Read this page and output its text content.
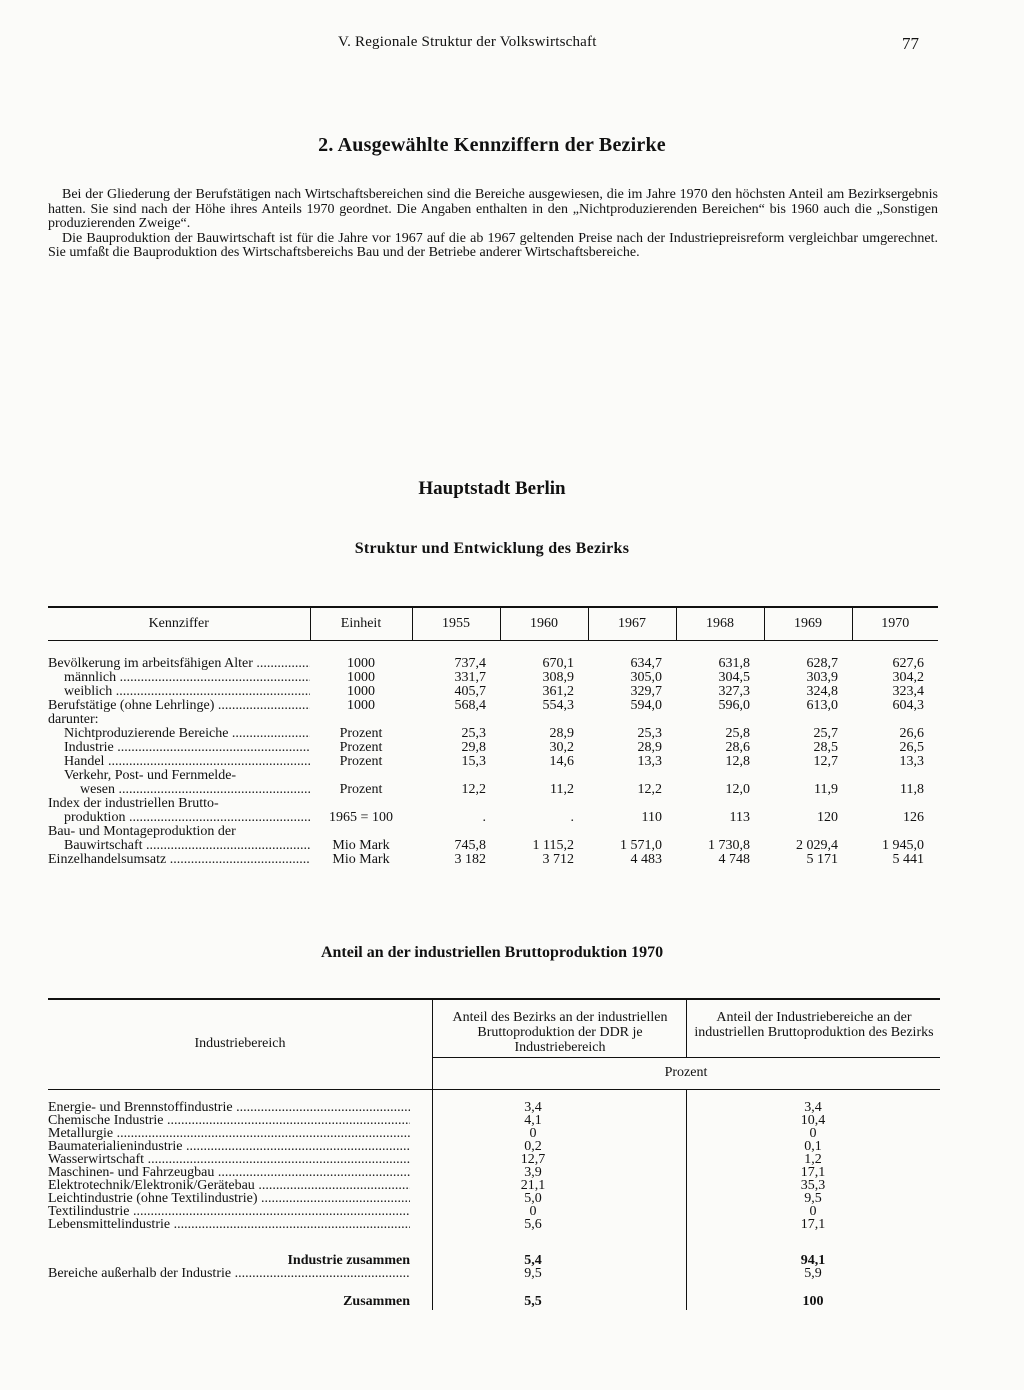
V. Regionale Struktur der Volkswirtschaft	77
2. Ausgewählte Kennziffern der Bezirke

Bei der Gliederung der Berufstätigen nach Wirtschaftsbereichen sind die Bereiche ausgewiesen, die im Jahre 1970 den höchsten Anteil am Bezirksergebnis hatten. Sie sind nach der Höhe ihres Anteils 1970 geordnet. Die Angaben enthalten in den „Nichtproduzierenden Bereichen“ bis 1960 auch die „Sonstigen produzierenden Zweige“.

Die Bauproduktion der Bauwirtschaft ist für die Jahre vor 1967 auf die ab 1967 geltenden Preise nach der Industriepreisreform vergleichbar umgerechnet. Sie umfaßt die Bauproduktion des Wirtschaftsbereichs Bau und der Betriebe anderer Wirtschaftsbereiche.

Hauptstadt Berlin
Struktur und Entwicklung des Bezirks
Kennziffer	Einheit	1955	1960	1967	1968	1969	1970
Bevölkerung im arbeitsfähigen Alter .....	1000	737,4	670,1	634,7	631,8	628,7	627,6
männlich .....	1000	331,7	308,9	305,0	304,5	303,9	304,2
weiblich .....	1000	405,7	361,2	329,7	327,3	324,8	323,4
Berufstätige (ohne Lehrlinge) .....	1000	568,4	554,3	594,0	596,0	613,0	604,3
darunter:							
Nichtproduzierende Bereiche .....	Prozent	25,3	28,9	25,3	25,8	25,7	26,6
Industrie .....	Prozent	29,8	30,2	28,9	28,6	28,5	26,5
Handel .....	Prozent	15,3	14,6	13,3	12,8	12,7	13,3
Verkehr, Post- und Fernmelde-							
wesen .....	Prozent	12,2	11,2	12,2	12,0	11,9	11,8
Index der industriellen Brutto-							
produktion .....	1965 = 100	.	.	110	113	120	126
Bau- und Montageproduktion der							
Bauwirtschaft .....	Mio Mark	745,8	1 115,2	1 571,0	1 730,8	2 029,4	1 945,0
Einzelhandelsumsatz .....	Mio Mark	3 182	3 712	4 483	4 748	5 171	5 441
Anteil an der industriellen Bruttoproduktion 1970
Industriebereich
Anteil des Bezirks an der industriellen Bruttoproduktion der DDR je Industriebereich
Anteil der Industriebereiche an der industriellen Bruttoproduktion des Bezirks
Prozent
Energie- und Brennstoffindustrie .....	3,4	3,4
Chemische Industrie .....	4,1	10,4
Metallurgie .....	0	0
Baumaterialienindustrie .....	0,2	0,1
Wasserwirtschaft .....	12,7	1,2
Maschinen- und Fahrzeugbau .....	3,9	17,1
Elektrotechnik/Elektronik/Gerätebau .....	21,1	35,3
Leichtindustrie (ohne Textilindustrie) .....	5,0	9,5
Textilindustrie .....	0	0
Lebensmittelindustrie .....	5,6	17,1
Industrie zusammen	5,4	94,1
Bereiche außerhalb der Industrie .....	9,5	5,9
Zusammen	5,5	100
